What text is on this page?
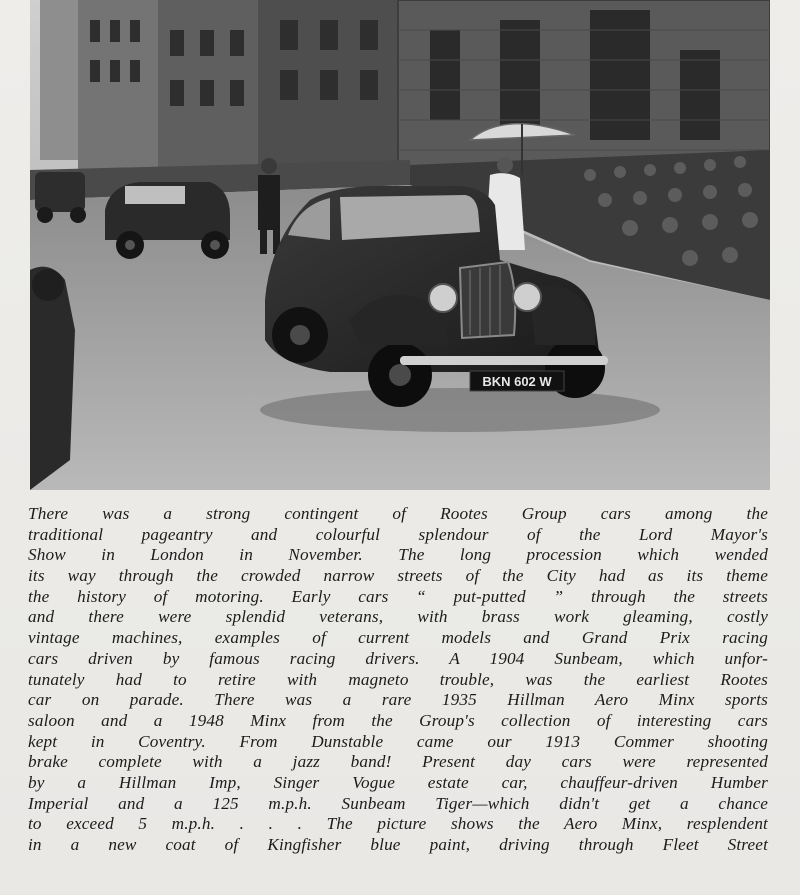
BKN 602 W
There was a strong contingent of Rootes Group cars among the
traditional pageantry and colourful splendour of the Lord Mayor's
Show in London in November. The long procession which wended
its way through the crowded narrow streets of the City had as its theme
the history of motoring. Early cars “ put-putted ” through the streets
and there were splendid veterans, with brass work gleaming, costly
vintage machines, examples of current models and Grand Prix racing
cars driven by famous racing drivers. A 1904 Sunbeam, which unfor-
tunately had to retire with magneto trouble, was the earliest Rootes
car on parade. There was a rare 1935 Hillman Aero Minx sports
saloon and a 1948 Minx from the Group's collection of interesting cars
kept in Coventry. From Dunstable came our 1913 Commer shooting
brake complete with a jazz band! Present day cars were represented
by a Hillman Imp, Singer Vogue estate car, chauffeur-driven Humber
Imperial and a 125 m.p.h. Sunbeam Tiger—which didn't get a chance
to exceed 5 m.p.h. . . . The picture shows the Aero Minx, resplendent
in a new coat of Kingfisher blue paint, driving through Fleet Street
